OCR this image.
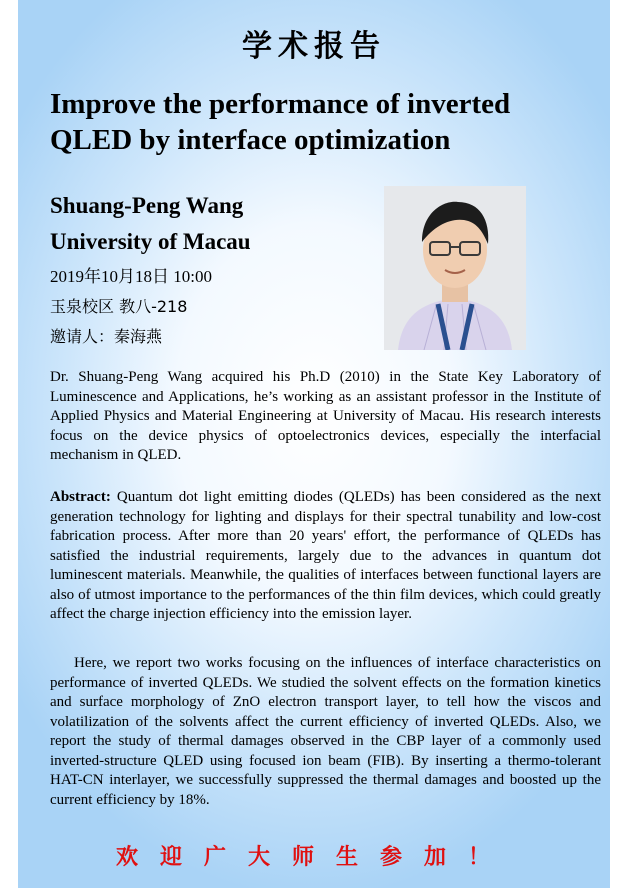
学术报告
Improve the performance of inverted QLED by interface optimization
Shuang-Peng Wang
University of Macau
2019年10月18日 10:00
玉泉校区 教八-218
邀请人：秦海燕
Dr. Shuang-Peng Wang acquired his Ph.D (2010) in the State Key Laboratory of Luminescence and Applications, he’s working as an assistant professor in the Institute of Applied Physics and Material Engineering at University of Macau. His research interests focus on the device physics of optoelectronics devices, especially the interfacial mechanism in QLED.
Abstract: Quantum dot light emitting diodes (QLEDs) has been considered as the next generation technology for lighting and displays for their spectral tunability and low-cost fabrication process. After more than 20 years' effort, the performance of QLEDs has satisfied the industrial requirements, largely due to the advances in quantum dot luminescent materials. Meanwhile, the qualities of interfaces between functional layers are also of utmost importance to the performances of the thin film devices, which could greatly affect the charge injection efficiency into the emission layer.
Here, we report two works focusing on the influences of interface characteristics on performance of inverted QLEDs. We studied the solvent effects on the formation kinetics and surface morphology of ZnO electron transport layer, to tell how the viscos and volatilization of the solvents affect the current efficiency of inverted QLEDs. Also, we report the study of thermal damages observed in the CBP layer of a commonly used inverted-structure QLED using focused ion beam (FIB). By inserting a thermo-tolerant HAT-CN interlayer, we successfully suppressed the thermal damages and boosted up the current efficiency by 18%.
欢迎广大师生参加！
